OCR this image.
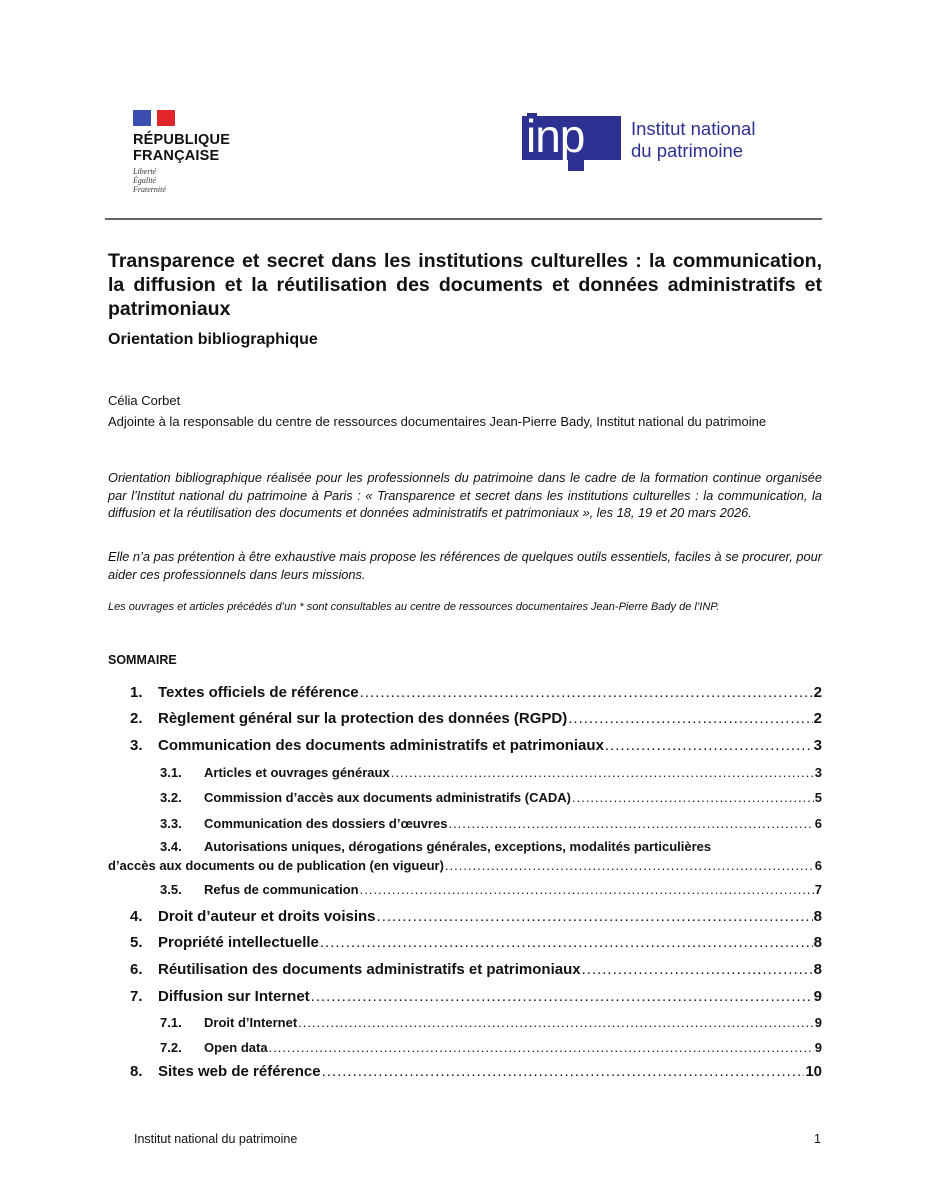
RÉPUBLIQUE
FRANÇAISE
Liberté
Égalité
Fraternité
inp	Institut national
du patrimoine
Transparence et secret dans les institutions culturelles : la communication, la diffusion et la réutilisation des documents et données administratifs et patrimoniaux
Orientation bibliographique
Célia Corbet
Adjointe à la responsable du centre de ressources documentaires Jean-Pierre Bady, Institut national du patrimoine
Orientation bibliographique réalisée pour les professionnels du patrimoine dans le cadre de la formation continue organisée par l’Institut national du patrimoine à Paris : « Transparence et secret dans les institutions culturelles : la communication, la diffusion et la réutilisation des documents et données administratifs et patrimoniaux », les 18, 19 et 20 mars 2026.
Elle n’a pas prétention à être exhaustive mais propose les références de quelques outils essentiels, faciles à se procurer, pour aider ces professionnels dans leurs missions.
Les ouvrages et articles précédés d’un * sont consultables au centre de ressources documentaires Jean-Pierre Bady de l’INP.
SOMMAIRE
1.	Textes officiels de référence .....	2
2.	Règlement général sur la protection des données (RGPD) .....	2
3.	Communication des documents administratifs et patrimoniaux .....	3
3.1.	Articles et ouvrages généraux .....	3
3.2.	Commission d’accès aux documents administratifs (CADA) .....	5
3.3.	Communication des dossiers d’œuvres .....	6
3.4.	Autorisations uniques, dérogations générales, exceptions, modalités particulières
d’accès aux documents ou de publication (en vigueur) .....	6
3.5.	Refus de communication .....	7
4.	Droit d’auteur et droits voisins .....	8
5.	Propriété intellectuelle .....	8
6.	Réutilisation des documents administratifs et patrimoniaux .....	8
7.	Diffusion sur Internet .....	9
7.1.	Droit d’Internet .....	9
7.2.	Open data .....	9
8.	Sites web de référence .....	10
Institut national du patrimoine	1
